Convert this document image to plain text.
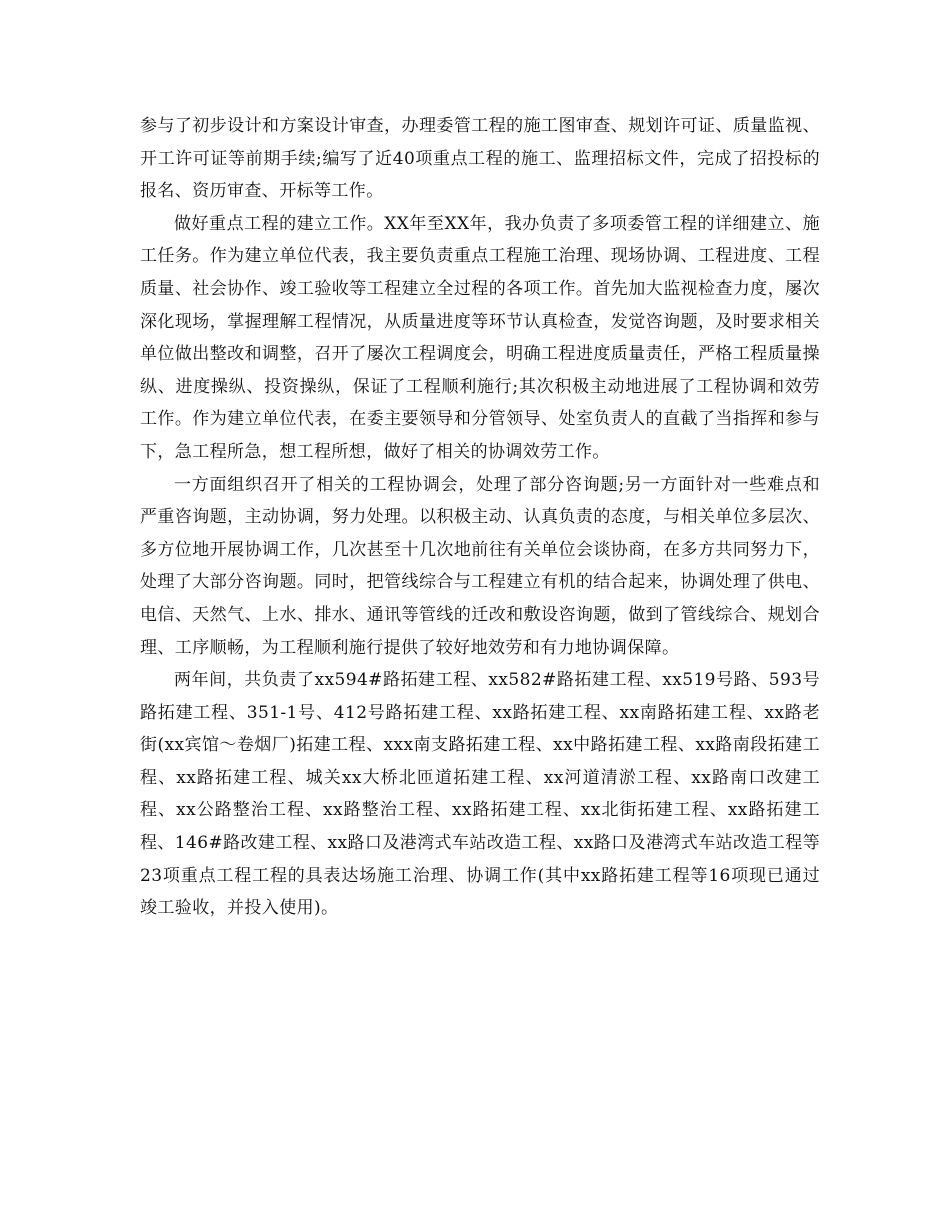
参与了初步设计和方案设计审查，办理委管工程的施工图审查、规划许可证、质量监视、开工许可证等前期手续;编写了近40项重点工程的施工、监理招标文件，完成了招投标的报名、资历审查、开标等工作。

做好重点工程的建立工作。XX年至XX年，我办负责了多项委管工程的详细建立、施工任务。作为建立单位代表，我主要负责重点工程施工治理、现场协调、工程进度、工程质量、社会协作、竣工验收等工程建立全过程的各项工作。首先加大监视检查力度，屡次深化现场，掌握理解工程情况，从质量进度等环节认真检查，发觉咨询题，及时要求相关单位做出整改和调整，召开了屡次工程调度会，明确工程进度质量责任，严格工程质量操纵、进度操纵、投资操纵，保证了工程顺利施行;其次积极主动地进展了工程协调和效劳工作。作为建立单位代表，在委主要领导和分管领导、处室负责人的直截了当指挥和参与下，急工程所急，想工程所想，做好了相关的协调效劳工作。

一方面组织召开了相关的工程协调会，处理了部分咨询题;另一方面针对一些难点和严重咨询题，主动协调，努力处理。以积极主动、认真负责的态度，与相关单位多层次、多方位地开展协调工作，几次甚至十几次地前往有关单位会谈协商，在多方共同努力下，处理了大部分咨询题。同时，把管线综合与工程建立有机的结合起来，协调处理了供电、电信、天然气、上水、排水、通讯等管线的迁改和敷设咨询题，做到了管线综合、规划合理、工序顺畅，为工程顺利施行提供了较好地效劳和有力地协调保障。

两年间，共负责了xx594#路拓建工程、xx582#路拓建工程、xx519号路、593号路拓建工程、351-1号、412号路拓建工程、xx路拓建工程、xx南路拓建工程、xx路老街(xx宾馆～卷烟厂)拓建工程、xxx南支路拓建工程、xx中路拓建工程、xx路南段拓建工程、xx路拓建工程、城关xx大桥北匝道拓建工程、xx河道清淤工程、xx路南口改建工程、xx公路整治工程、xx路整治工程、xx路拓建工程、xx北街拓建工程、xx路拓建工程、146#路改建工程、xx路口及港湾式车站改造工程、xx路口及港湾式车站改造工程等23项重点工程工程的具表达场施工治理、协调工作(其中xx路拓建工程等16项现已通过竣工验收，并投入使用)。
